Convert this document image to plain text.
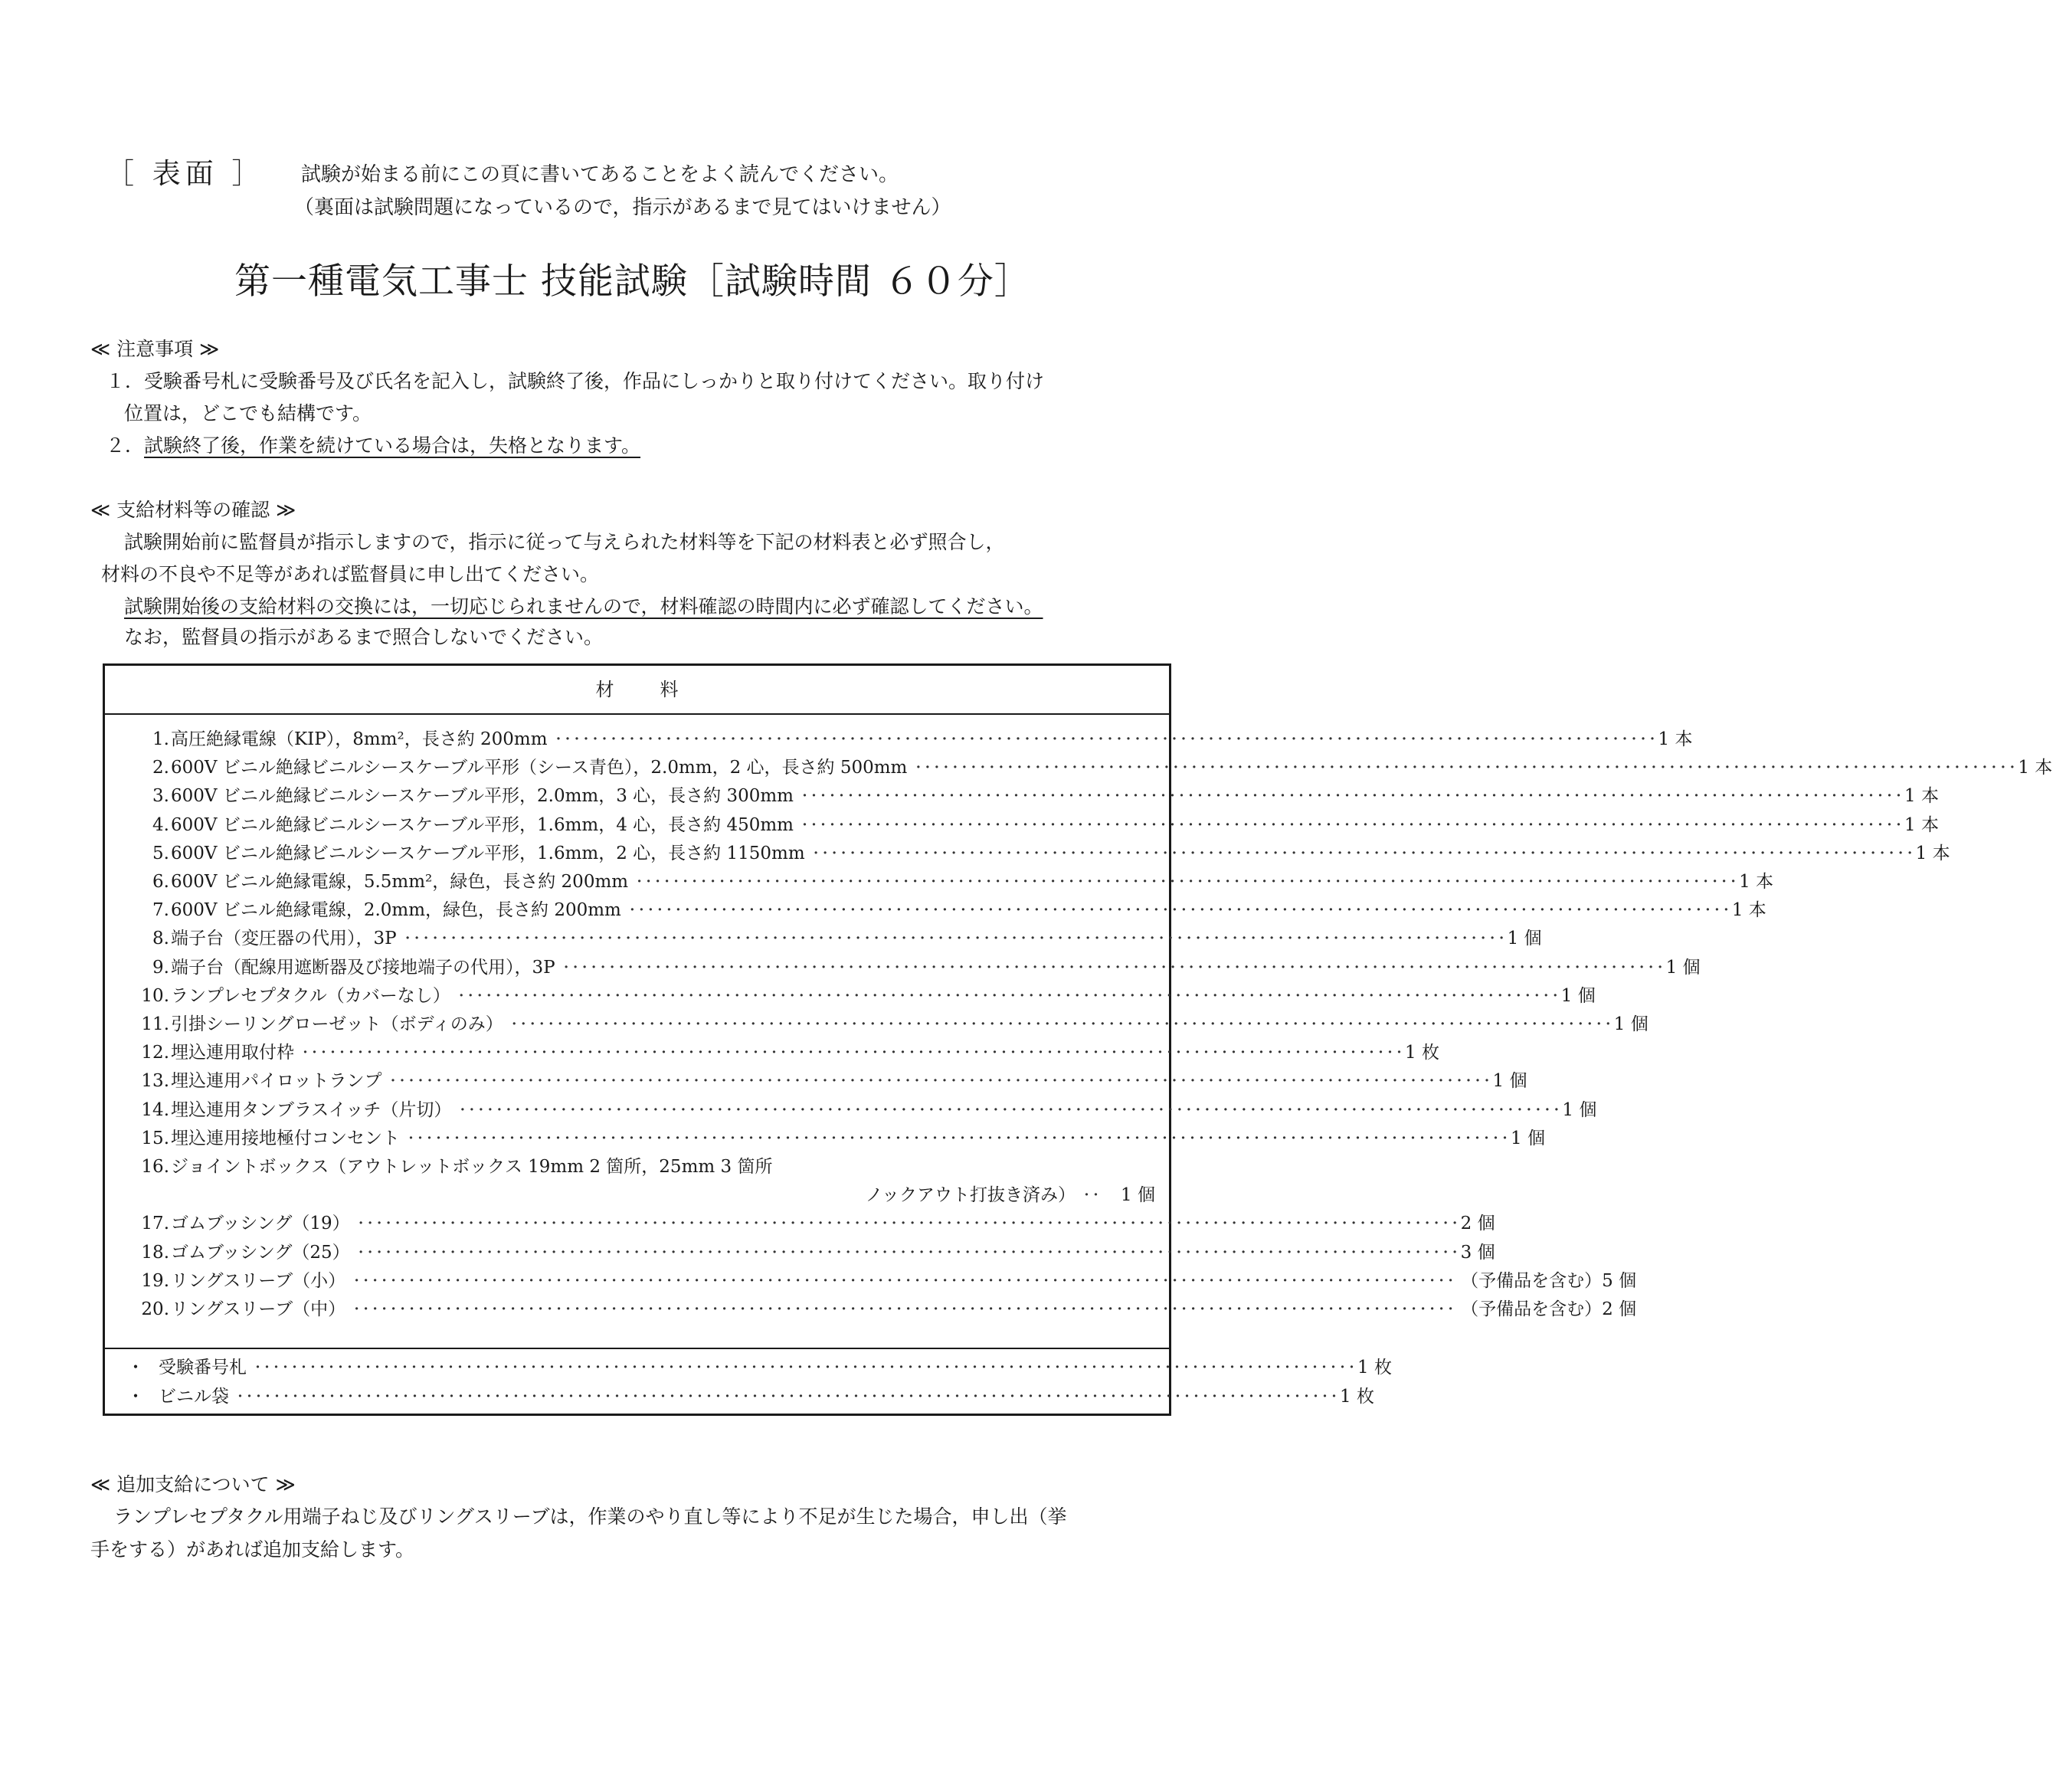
［ 表面 ］ 試験が始まる前にこの頁に書いてあることをよく読んでください。
（裏面は試験問題になっているので，指示があるまで見てはいけません）
第一種電気工事士 技能試験［試験時間 ６０分］
≪ 注意事項 ≫
１．受験番号札に受験番号及び氏名を記入し，試験終了後，作品にしっかりと取り付けてください。取り付け
位置は，どこでも結構です。
２．試験終了後，作業を続けている場合は，失格となります。
≪ 支給材料等の確認 ≫
試験開始前に監督員が指示しますので，指示に従って与えられた材料等を下記の材料表と必ず照合し，
材料の不良や不足等があれば監督員に申し出てください。
試験開始後の支給材料の交換には，一切応じられませんので，材料確認の時間内に必ず確認してください。
なお，監督員の指示があるまで照合しないでください。
材料
1. 高圧絶縁電線（KIP），8mm²，長さ約 200mm ････････････････････････････････････････････････････････････････････････････････････････････････････････････････････････ 1 本
2. 600V ビニル絶縁ビニルシースケーブル平形（シース青色），2.0mm，2 心，長さ約 500mm ････････････････････････････････････････････････････････････････････････････････････････････････････････････････････････ 1 本
3. 600V ビニル絶縁ビニルシースケーブル平形，2.0mm，3 心，長さ約 300mm ････････････････････････････････････････････････････････････････････････････････････････････････････････････････････････ 1 本
4. 600V ビニル絶縁ビニルシースケーブル平形，1.6mm，4 心，長さ約 450mm ････････････････････････････････････････････････････････････････････････････････････････････････････････････････････････ 1 本
5. 600V ビニル絶縁ビニルシースケーブル平形，1.6mm，2 心，長さ約 1150mm ････････････････････････････････････････････････････････････････････････････････････････････････････････････････････････ 1 本
6. 600V ビニル絶縁電線，5.5mm²，緑色，長さ約 200mm ････････････････････････････････････････････････････････････････････････････････････････････････････････････････････････ 1 本
7. 600V ビニル絶縁電線，2.0mm，緑色，長さ約 200mm ････････････････････････････････････････････････････････････････････････････････････････････････････････････････････････ 1 本
8. 端子台（変圧器の代用），3P ････････････････････････････････････････････････････････････････････････････････････････････････････････････････････････ 1 個
9. 端子台（配線用遮断器及び接地端子の代用），3P ････････････････････････････････････････････････････････････････････････････････････････････････････････････････････････ 1 個
10. ランプレセプタクル（カバーなし） ････････････････････････････････････････････････････････････････････････････････････････････････････････････････････････ 1 個
11. 引掛シーリングローゼット（ボディのみ） ････････････････････････････････････････････････････････････････････････････････････････････････････････････････････････ 1 個
12. 埋込連用取付枠 ････････････････････････････････････････････････････････････････････････････････････････････････････････････････････････ 1 枚
13. 埋込連用パイロットランプ ････････････････････････････････････････････････････････････････････････････････････････････････････････････････････････ 1 個
14. 埋込連用タンブラスイッチ（片切） ････････････････････････････････････････････････････････････････････････････････････････････････････････････････････････ 1 個
15. 埋込連用接地極付コンセント ････････････････････････････････････････････････････････････････････････････････････････････････････････････････････････ 1 個
16. ジョイントボックス（アウトレットボックス 19mm 2 箇所，25mm 3 箇所
ノックアウト打抜き済み） ･･	1 個
17. ゴムブッシング（19） ････････････････････････････････････････････････････････････････････････････････････････････････････････････････････････ 2 個
18. ゴムブッシング（25） ････････････････････････････････････････････････････････････････････････････････････････････････････････････････････････ 3 個
19. リングスリーブ（小） ････････････････････････････････････････････････････････････････････････････････････････････････････････････････････････ （予備品を含む） 5 個
20. リングスリーブ（中） ････････････････････････････････････････････････････････････････････････････････････････････････････････････････････････ （予備品を含む） 2 個
・ 受験番号札 ････････････････････････････････････････････････････････････････････････････････････････････････････････････････････････ 1 枚
・ ビニル袋 ････････････････････････････････････････････････････････････････････････････････････････････････････････････････････････ 1 枚
≪ 追加支給について ≫
ランプレセプタクル用端子ねじ及びリングスリーブは，作業のやり直し等により不足が生じた場合，申し出（挙
手をする）があれば追加支給します。
